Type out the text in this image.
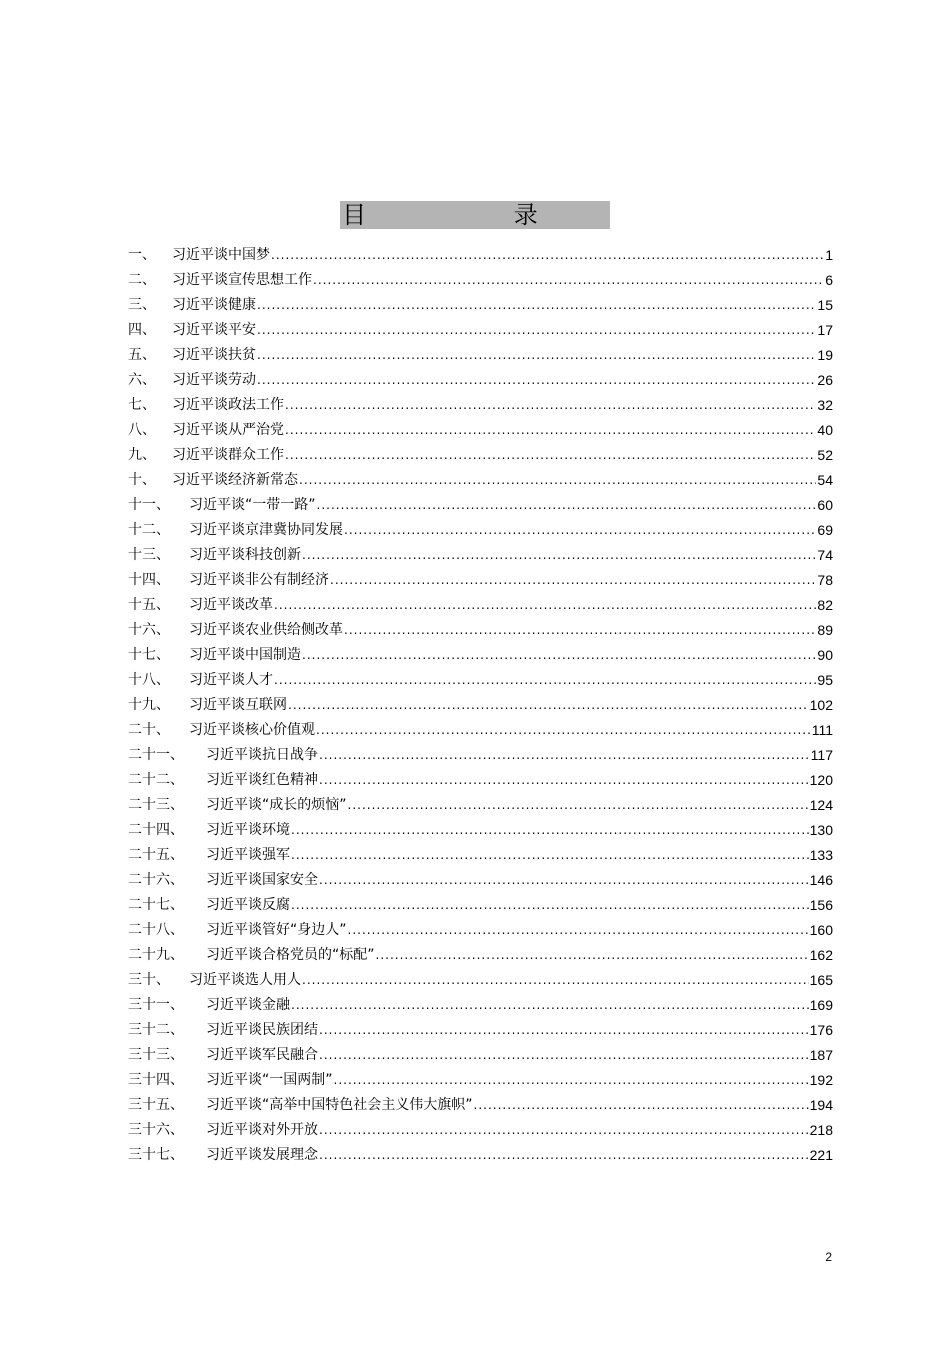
目 录
一、	习近平谈中国梦 .....	1
二、	习近平谈宣传思想工作 .....	6
三、	习近平谈健康 .....	15
四、	习近平谈平安 .....	17
五、	习近平谈扶贫 .....	19
六、	习近平谈劳动 .....	26
七、	习近平谈政法工作 .....	32
八、	习近平谈从严治党 .....	40
九、	习近平谈群众工作 .....	52
十、	习近平谈经济新常态 .....	54
十一、	习近平谈“一带一路” .....	60
十二、	习近平谈京津冀协同发展 .....	69
十三、	习近平谈科技创新 .....	74
十四、	习近平谈非公有制经济 .....	78
十五、	习近平谈改革 .....	82
十六、	习近平谈农业供给侧改革 .....	89
十七、	习近平谈中国制造 .....	90
十八、	习近平谈人才 .....	95
十九、	习近平谈互联网 .....	102
二十、	习近平谈核心价值观 .....	111
二十一、	习近平谈抗日战争 .....	117
二十二、	习近平谈红色精神 .....	120
二十三、	习近平谈“成长的烦恼” .....	124
二十四、	习近平谈环境 .....	130
二十五、	习近平谈强军 .....	133
二十六、	习近平谈国家安全 .....	146
二十七、	习近平谈反腐 .....	156
二十八、	习近平谈管好“身边人” .....	160
二十九、	习近平谈合格党员的“标配” .....	162
三十、	习近平谈选人用人 .....	165
三十一、	习近平谈金融 .....	169
三十二、	习近平谈民族团结 .....	176
三十三、	习近平谈军民融合 .....	187
三十四、	习近平谈“一国两制” .....	192
三十五、	习近平谈“高举中国特色社会主义伟大旗帜” .....	194
三十六、	习近平谈对外开放 .....	218
三十七、	习近平谈发展理念 .....	221
2
